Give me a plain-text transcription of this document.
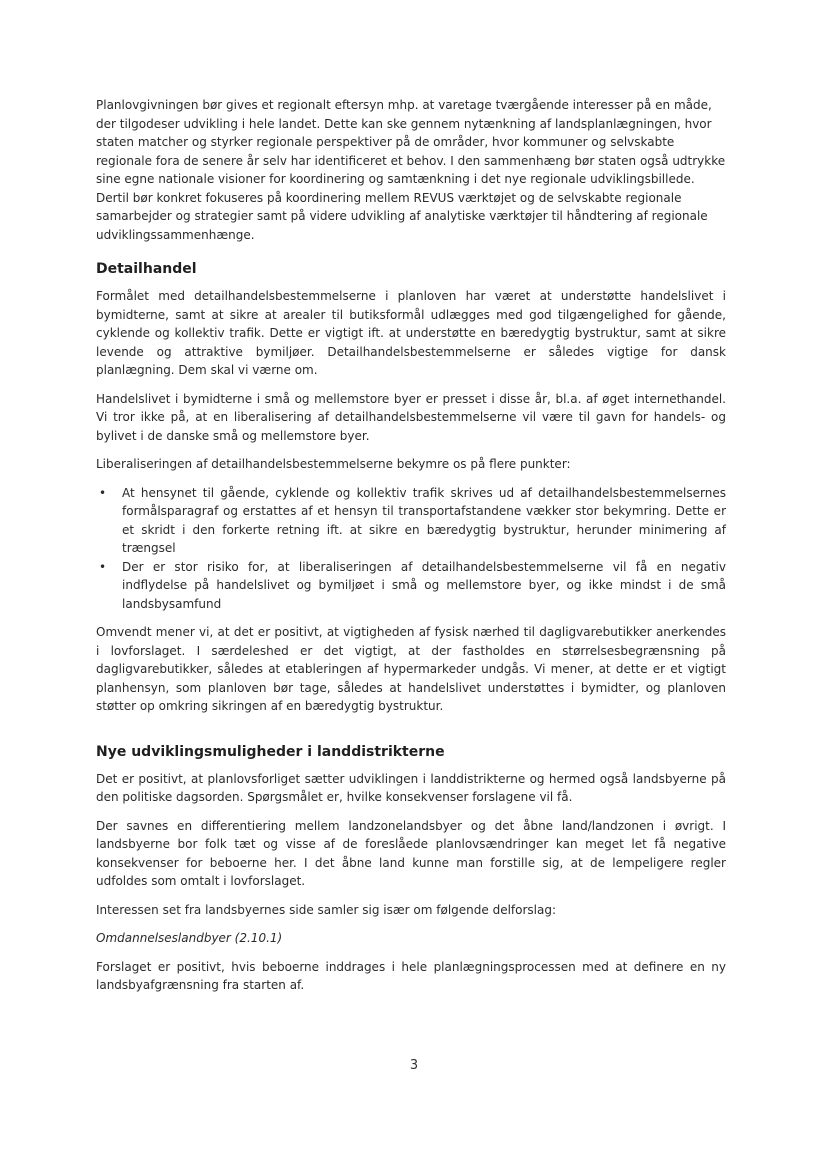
Planlovgivningen bør gives et regionalt eftersyn mhp. at varetage tværgående interesser på en måde, der tilgodeser udvikling i hele landet. Dette kan ske gennem nytænkning af landsplanlægningen, hvor staten matcher og styrker regionale perspektiver på de områder, hvor kommuner og selvskabte regionale fora de senere år selv har identificeret et behov. I den sammenhæng bør staten også udtrykke sine egne nationale visioner for koordinering og samtænkning i det nye regionale udviklingsbillede. Dertil bør konkret fokuseres på koordinering mellem REVUS værktøjet og de selvskabte regionale samarbejder og strategier samt på videre udvikling af analytiske værktøjer til håndtering af regionale udviklingssammenhænge.

Detailhandel

Formålet med detailhandelsbestemmelserne i planloven har været at understøtte handelslivet i bymidterne, samt at sikre at arealer til butiksformål udlægges med god tilgængelighed for gående, cyklende og kollektiv trafik. Dette er vigtigt ift. at understøtte en bæredygtig bystruktur, samt at sikre levende og attraktive bymiljøer. Detailhandelsbestemmelserne er således vigtige for dansk planlægning. Dem skal vi værne om.

Handelslivet i bymidterne i små og mellemstore byer er presset i disse år, bl.a. af øget internethandel. Vi tror ikke på, at en liberalisering af detailhandelsbestemmelserne vil være til gavn for handels- og bylivet i de danske små og mellemstore byer.

Liberaliseringen af detailhandelsbestemmelserne bekymre os på flere punkter:

• At hensynet til gående, cyklende og kollektiv trafik skrives ud af detailhandelsbestemmelsernes formålsparagraf og erstattes af et hensyn til transportafstandene vækker stor bekymring. Dette er et skridt i den forkerte retning ift. at sikre en bæredygtig bystruktur, herunder minimering af trængsel
• Der er stor risiko for, at liberaliseringen af detailhandelsbestemmelserne vil få en negativ indflydelse på handelslivet og bymiljøet i små og mellemstore byer, og ikke mindst i de små landsbysamfund

Omvendt mener vi, at det er positivt, at vigtigheden af fysisk nærhed til dagligvarebutikker anerkendes i lovforslaget. I særdeleshed er det vigtigt, at der fastholdes en størrelsesbegrænsning på dagligvarebutikker, således at etableringen af hypermarkeder undgås. Vi mener, at dette er et vigtigt planhensyn, som planloven bør tage, således at handelslivet understøttes i bymidter, og planloven støtter op omkring sikringen af en bæredygtig bystruktur.

Nye udviklingsmuligheder i landdistrikterne

Det er positivt, at planlovsforliget sætter udviklingen i landdistrikterne og hermed også landsbyerne på den politiske dagsorden. Spørgsmålet er, hvilke konsekvenser forslagene vil få.

Der savnes en differentiering mellem landzonelandsbyer og det åbne land/landzonen i øvrigt. I landsbyerne bor folk tæt og visse af de foreslåede planlovsændringer kan meget let få negative konsekvenser for beboerne her. I det åbne land kunne man forstille sig, at de lempeligere regler udfoldes som omtalt i lovforslaget.

Interessen set fra landsbyernes side samler sig især om følgende delforslag:

Omdannelseslandbyer (2.10.1)

Forslaget er positivt, hvis beboerne inddrages i hele planlægningsprocessen med at definere en ny landsbyafgrænsning fra starten af.

3
